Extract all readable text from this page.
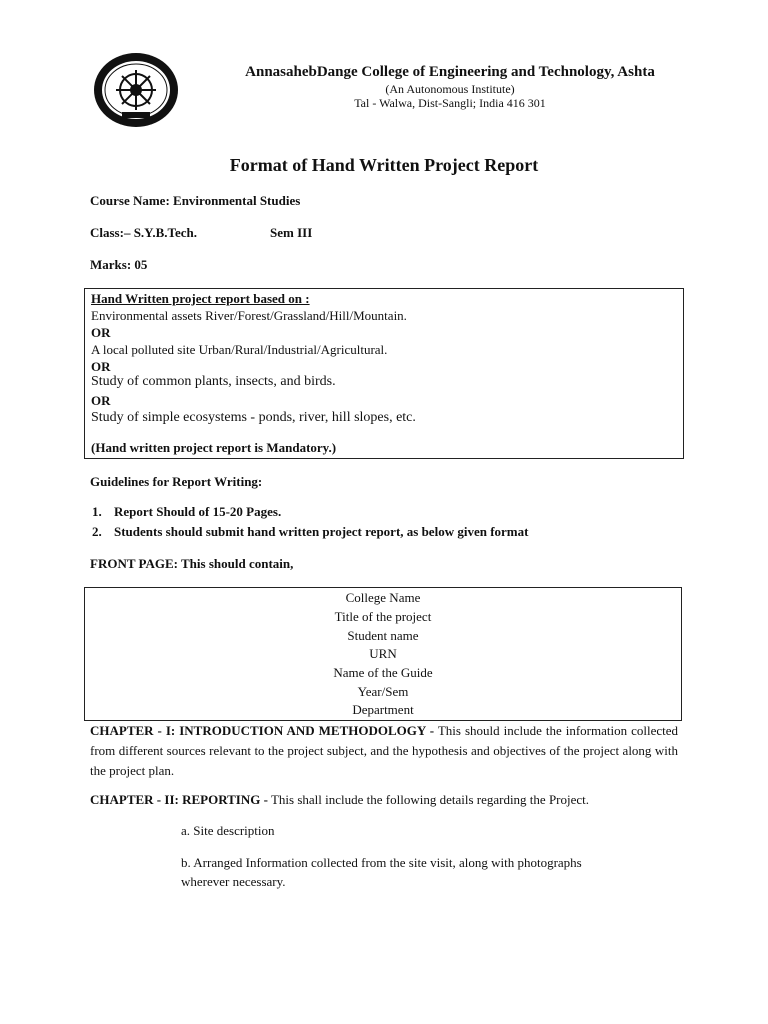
AnnasahebDange College of Engineering and Technology, Ashta
(An Autonomous Institute)
Tal - Walwa, Dist-Sangli; India 416 301
Format of Hand Written Project Report
Course Name: Environmental Studies
Class:– S.Y.B.Tech.	Sem III
Marks: 05
Hand Written project report based on :
Environmental assets River/Forest/Grassland/Hill/Mountain.
OR
A local polluted site Urban/Rural/Industrial/Agricultural.
OR
Study of common plants, insects, and birds.
OR
Study of simple ecosystems - ponds, river, hill slopes, etc.
(Hand written project report is Mandatory.)
Guidelines for Report Writing:
1. Report Should of 15-20 Pages.
2. Students should submit hand written project report, as below given format
FRONT PAGE: This should contain,
College Name
Title of the project
Student name
URN
Name of the Guide
Year/Sem
Department
CHAPTER - I: INTRODUCTION AND METHODOLOGY - This should include the information collected from different sources relevant to the project subject, and the hypothesis and objectives of the project along with the project plan.
CHAPTER - II: REPORTING - This shall include the following details regarding the Project.
a. Site description
b. Arranged Information collected from the site visit, along with photographs
wherever necessary.
